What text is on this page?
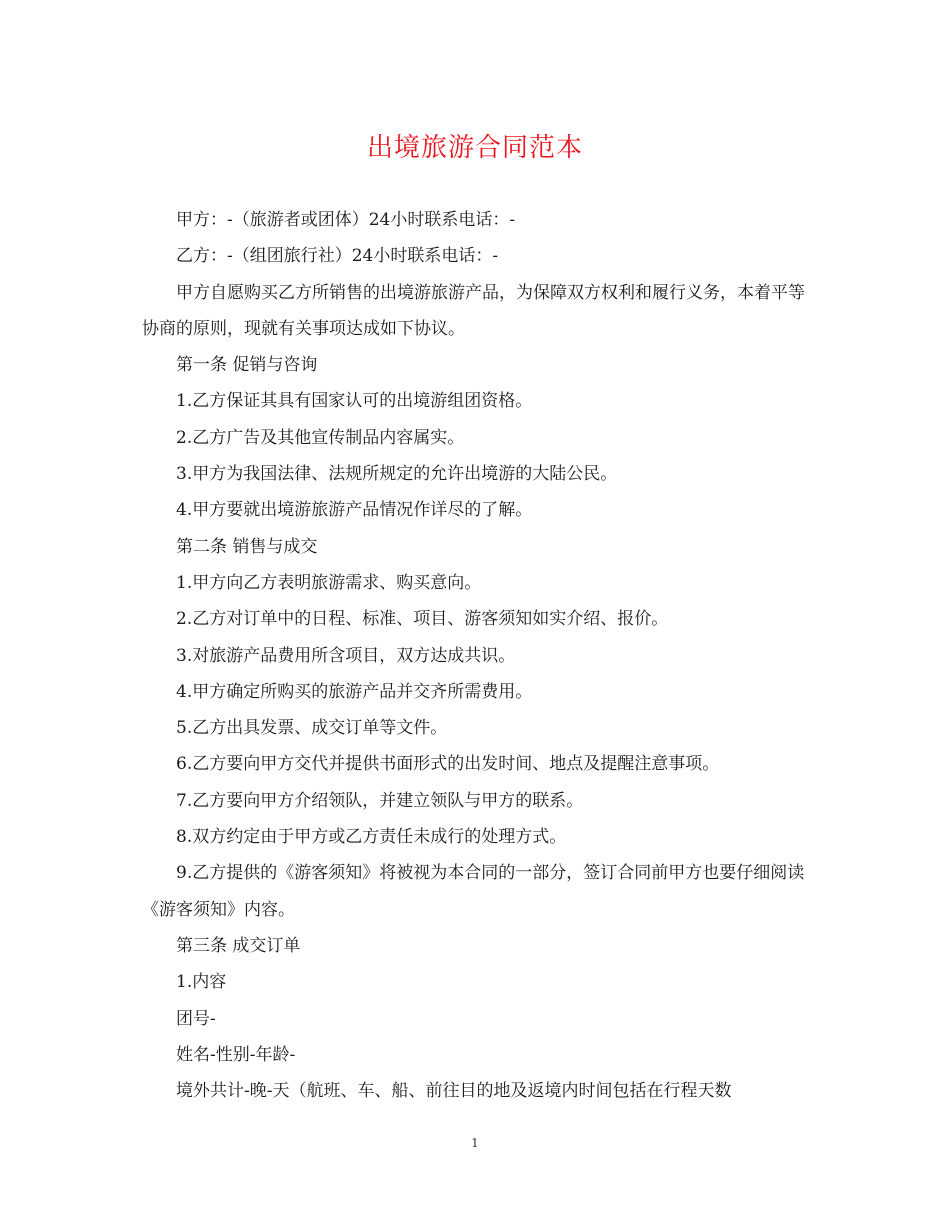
出境旅游合同范本

甲方：-（旅游者或团体）24小时联系电话：-

乙方：-（组团旅行社）24小时联系电话：-

甲方自愿购买乙方所销售的出境游旅游产品，为保障双方权利和履行义务，本着平等协商的原则，现就有关事项达成如下协议。

第一条 促销与咨询

1.乙方保证其具有国家认可的出境游组团资格。

2.乙方广告及其他宣传制品内容属实。

3.甲方为我国法律、法规所规定的允许出境游的大陆公民。

4.甲方要就出境游旅游产品情况作详尽的了解。

第二条 销售与成交

1.甲方向乙方表明旅游需求、购买意向。

2.乙方对订单中的日程、标准、项目、游客须知如实介绍、报价。

3.对旅游产品费用所含项目，双方达成共识。

4.甲方确定所购买的旅游产品并交齐所需费用。

5.乙方出具发票、成交订单等文件。

6.乙方要向甲方交代并提供书面形式的出发时间、地点及提醒注意事项。

7.乙方要向甲方介绍领队，并建立领队与甲方的联系。

8.双方约定由于甲方或乙方责任未成行的处理方式。

9.乙方提供的《游客须知》将被视为本合同的一部分，签订合同前甲方也要仔细阅读《游客须知》内容。

第三条 成交订单

1.内容

团号-

姓名-性别-年龄-

境外共计-晚-天（航班、车、船、前往目的地及返境内时间包括在行程天数

1
